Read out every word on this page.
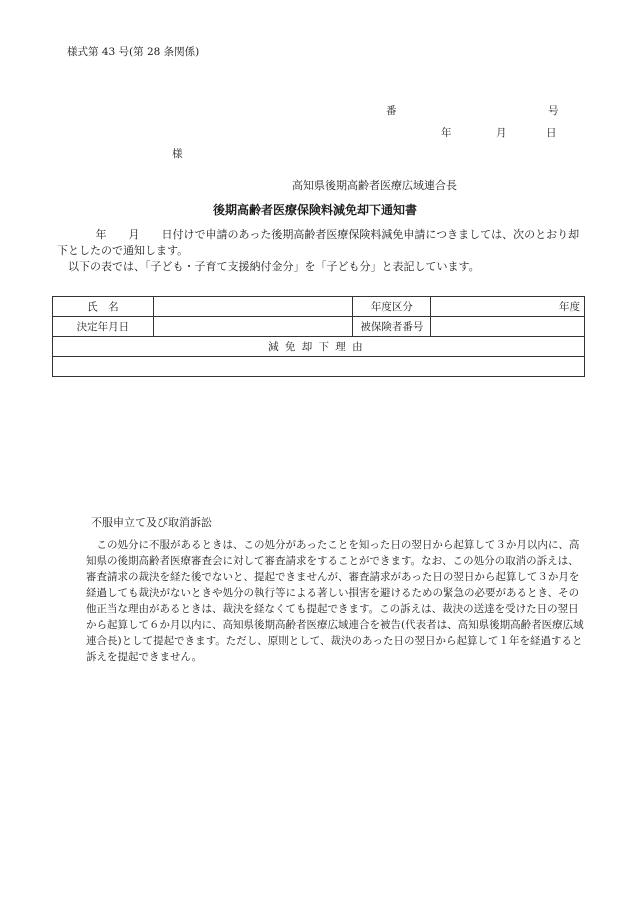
様式第 43 号(第 28 条関係)
番	号
年	月	日
様
高知県後期高齢者医療広域連合長
後期高齢者医療保険料減免却下通知書

年　　月　　日付けで申請のあった後期高齢者医療保険料減免申請につきましては、次のとおり却下としたので通知します。

以下の表では、「子ども・子育て支援納付金分」を「子ども分」と表記しています。

氏　名		年度区分	年度
決定年月日		被保険者番号	
減免却下理由			

不服申立て及び取消訴訟
この処分に不服があるときは、この処分があったことを知った日の翌日から起算して３か月以内に、高知県の後期高齢者医療審査会に対して審査請求をすることができます。なお、この処分の取消の訴えは、審査請求の裁決を経た後でないと、提起できませんが、審査請求があった日の翌日から起算して３か月を経過しても裁決がないときや処分の執行等による著しい損害を避けるための緊急の必要があるとき、その他正当な理由があるときは、裁決を経なくても提起できます。この訴えは、裁決の送達を受けた日の翌日から起算して６か月以内に、高知県後期高齢者医療広域連合を被告(代表者は、高知県後期高齢者医療広域連合長)として提起できます。ただし、原則として、裁決のあった日の翌日から起算して１年を経過すると訴えを提起できません。
